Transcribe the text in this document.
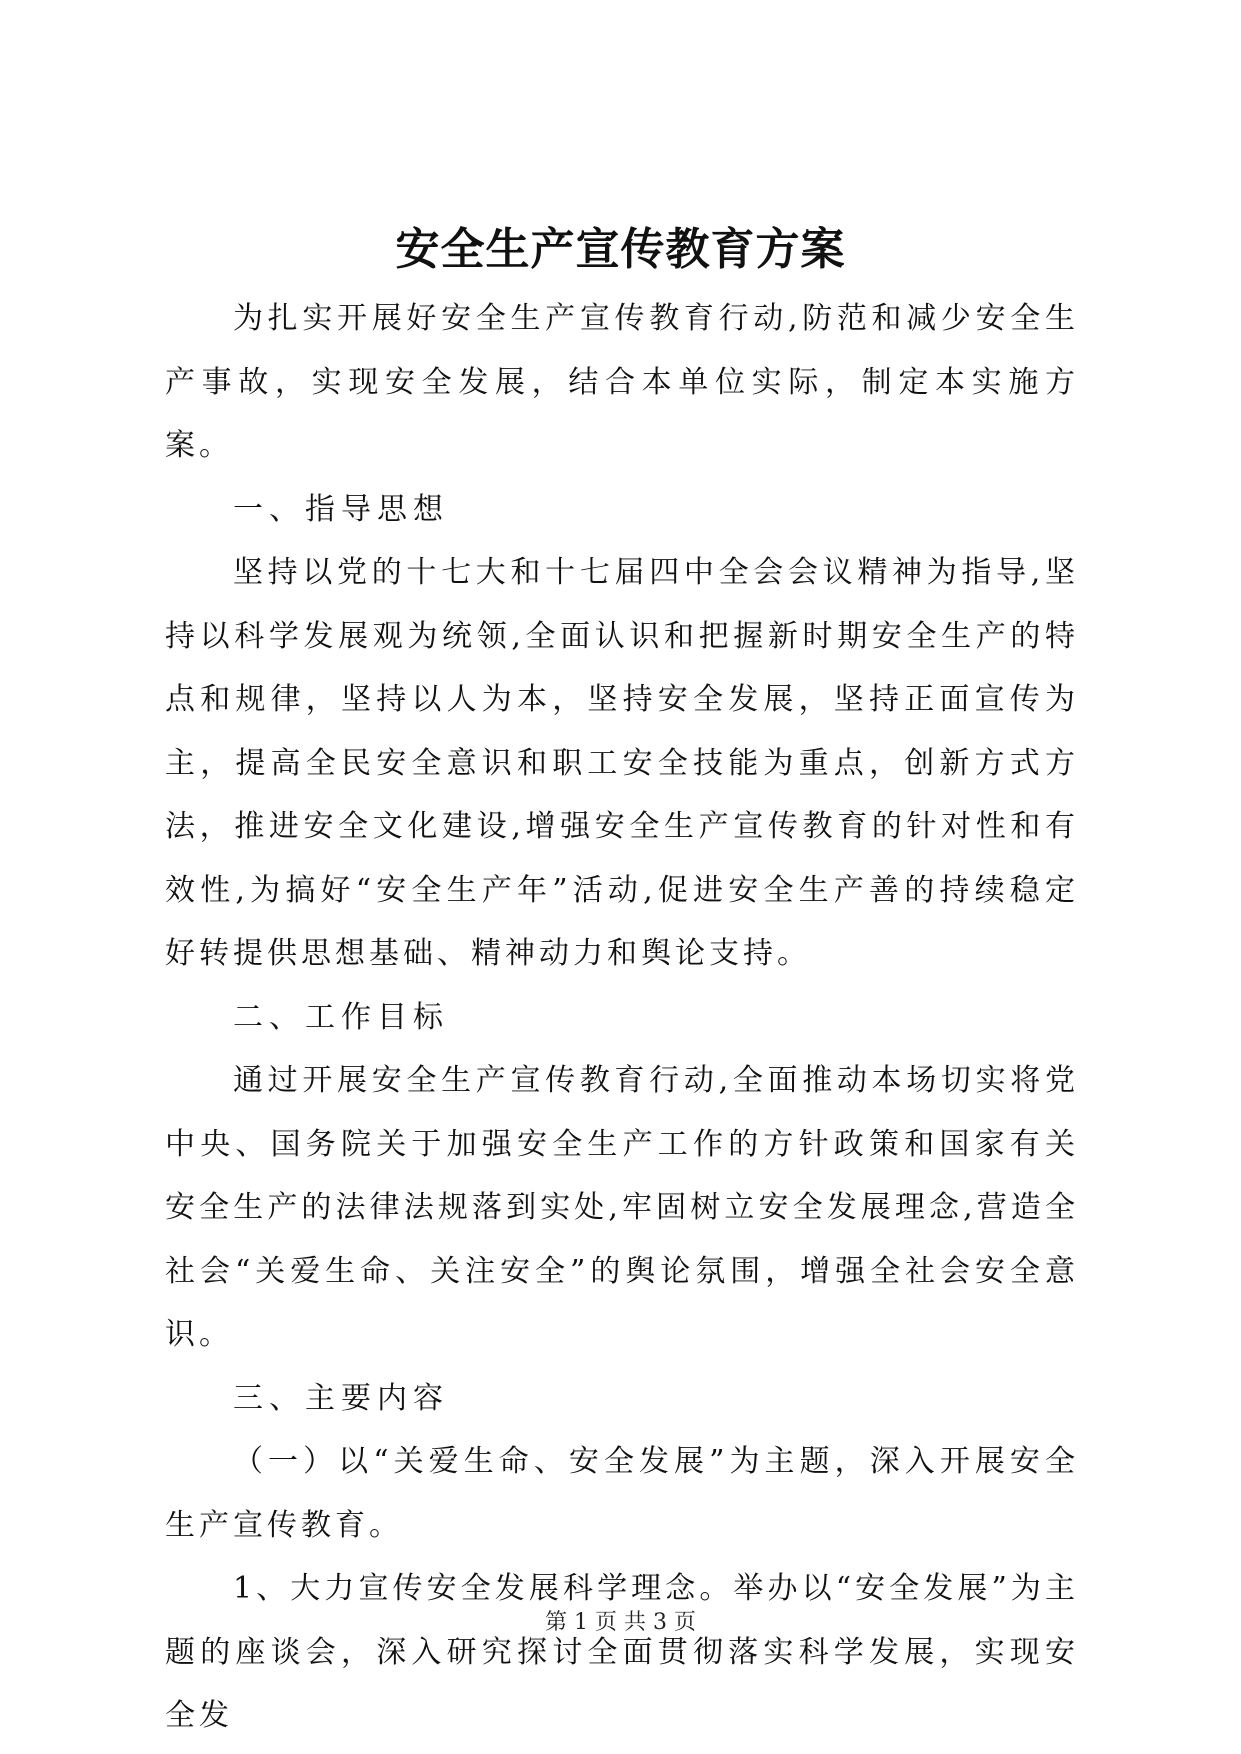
安全生产宣传教育方案

为扎实开展好安全生产宣传教育行动,防范和减少安全生产事故，实现安全发展，结合本单位实际，制定本实施方案。

一、指导思想

坚持以党的十七大和十七届四中全会会议精神为指导,坚持以科学发展观为统领,全面认识和把握新时期安全生产的特点和规律，坚持以人为本，坚持安全发展，坚持正面宣传为主，提高全民安全意识和职工安全技能为重点，创新方式方法，推进安全文化建设,增强安全生产宣传教育的针对性和有效性,为搞好“安全生产年”活动,促进安全生产善的持续稳定好转提供思想基础、精神动力和舆论支持。

二、工作目标

通过开展安全生产宣传教育行动,全面推动本场切实将党中央、国务院关于加强安全生产工作的方针政策和国家有关安全生产的法律法规落到实处,牢固树立安全发展理念,营造全社会“关爱生命、关注安全”的舆论氛围，增强全社会安全意识。

三、主要内容

（一）以“关爱生命、安全发展”为主题，深入开展安全生产宣传教育。

1、大力宣传安全发展科学理念。举办以“安全发展”为主题的座谈会，深入研究探讨全面贯彻落实科学发展，实现安全发

第 1 页 共 3 页
